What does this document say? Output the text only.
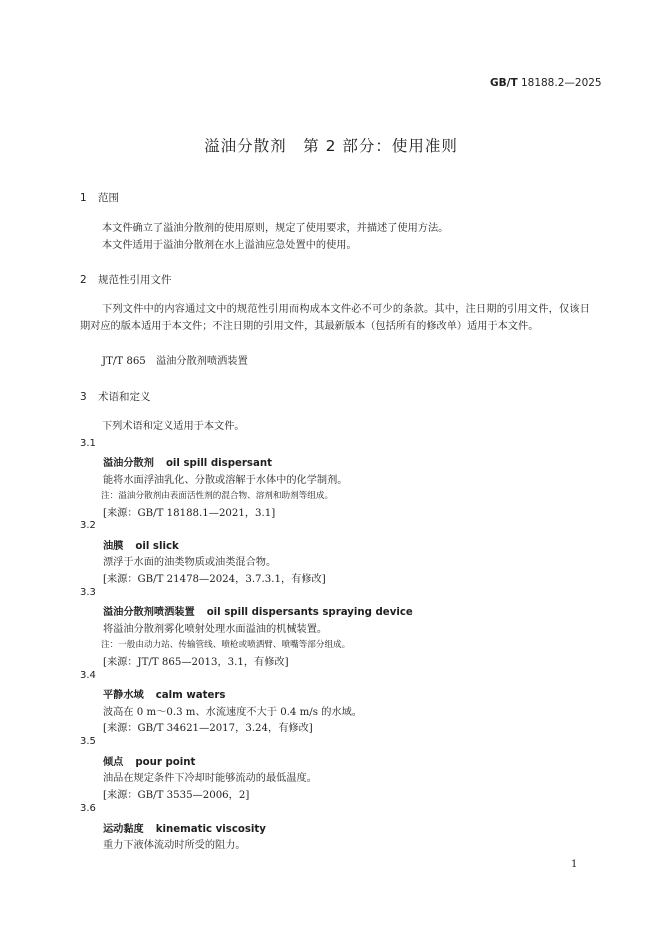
GB/T 18188.2—2025
溢油分散剂　第 2 部分：使用准则
1 范围
本文件确立了溢油分散剂的使用原则，规定了使用要求，并描述了使用方法。
本文件适用于溢油分散剂在水上溢油应急处置中的使用。
2 规范性引用文件
下列文件中的内容通过文中的规范性引用而构成本文件必不可少的条款。其中，注日期的引用文件，仅该日期对应的版本适用于本文件；不注日期的引用文件，其最新版本（包括所有的修改单）适用于本文件。
JT/T 865　溢油分散剂喷洒装置
3 术语和定义
下列术语和定义适用于本文件。
3.1
溢油分散剂 oil spill dispersant
能将水面浮油乳化、分散或溶解于水体中的化学制剂。
注：溢油分散剂由表面活性剂的混合物、溶剂和助剂等组成。
[来源：GB/T 18188.1—2021，3.1]
3.2
油膜 oil slick
漂浮于水面的油类物质或油类混合物。
[来源：GB/T 21478—2024，3.7.3.1，有修改]
3.3
溢油分散剂喷洒装置 oil spill dispersants spraying device
将溢油分散剂雾化喷射处理水面溢油的机械装置。
注：一般由动力站、传输管线、喷枪或喷洒臂、喷嘴等部分组成。
[来源：JT/T 865—2013，3.1，有修改]
3.4
平静水域 calm waters
波高在 0 m～0.3 m、水流速度不大于 0.4 m/s 的水域。
[来源：GB/T 34621—2017，3.24，有修改]
3.5
倾点 pour point
油品在规定条件下冷却时能够流动的最低温度。
[来源：GB/T 3535—2006，2]
3.6
运动黏度 kinematic viscosity
重力下液体流动时所受的阻力。
1
